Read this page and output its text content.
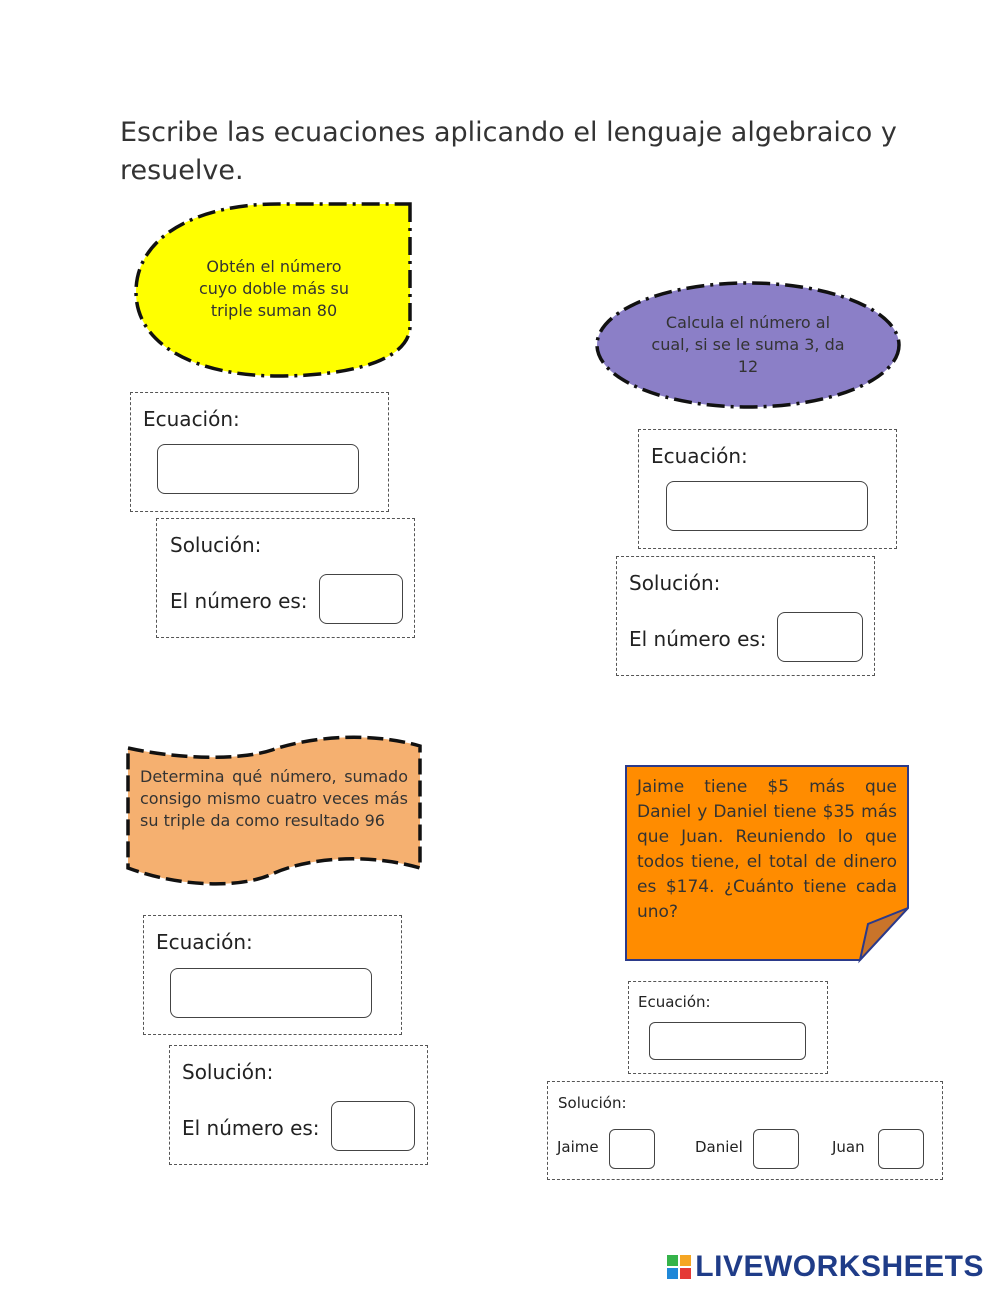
Escribe las ecuaciones aplicando el lenguaje algebraico y resuelve.
Obtén el número cuyo doble más su triple suman 80
Ecuación:
Solución:
El número es:
Calcula el número al cual, si se le suma 3, da 12
Ecuación:
Solución:
El número es:
Determina qué número, sumado consigo mismo cuatro veces más su triple da como resultado 96
Ecuación:
Solución:
El número es:
Jaime tiene $5 más que Daniel y Daniel tiene $35 más que Juan. Reuniendo lo que todos tiene, el total de dinero es $174. ¿Cuánto tiene cada uno?
Ecuación:
Solución:
Jaime	Daniel	Juan
LIVEWORKSHEETS
